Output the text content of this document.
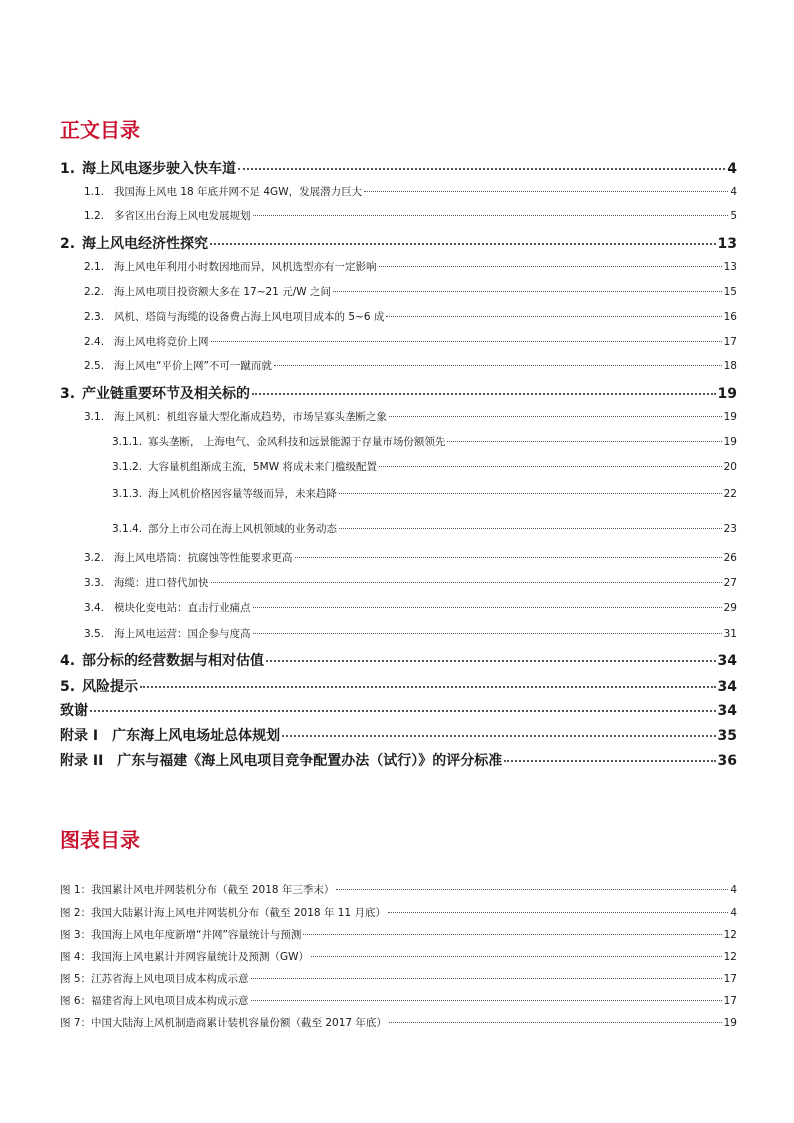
正文目录
1. 海上风电逐步驶入快车道	4
1.1. 我国海上风电 18 年底并网不足 4GW，发展潜力巨大	4
1.2. 多省区出台海上风电发展规划	5
2. 海上风电经济性探究	13
2.1. 海上风电年利用小时数因地而异，风机选型亦有一定影响	13
2.2. 海上风电项目投资额大多在 17~21 元/W 之间	15
2.3. 风机、塔筒与海缆的设备费占海上风电项目成本的 5~6 成	16
2.4. 海上风电将竞价上网	17
2.5. 海上风电“平价上网”不可一蹴而就	18
3. 产业链重要环节及相关标的	19
3.1. 海上风机：机组容量大型化渐成趋势，市场呈寡头垄断之象	19
3.1.1. 寡头垄断， 上海电气、金风科技和远景能源于存量市场份额领先	19
3.1.2. 大容量机组渐成主流，5MW 将成未来门槛级配置	20
3.1.3. 海上风机价格因容量等级而异，未来趋降	22
3.1.4. 部分上市公司在海上风机领域的业务动态	23
3.2. 海上风电塔筒：抗腐蚀等性能要求更高	26
3.3. 海缆：进口替代加快	27
3.4. 模块化变电站：直击行业痛点	29
3.5. 海上风电运营：国企参与度高	31
4. 部分标的经营数据与相对估值	34
5. 风险提示	34
致谢	34
附录 I　广东海上风电场址总体规划	35
附录 II　广东与福建《海上风电项目竞争配置办法（试行）》的评分标准	36
图表目录
图 1：我国累计风电并网装机分布（截至 2018 年三季末）	4
图 2：我国大陆累计海上风电并网装机分布（截至 2018 年 11 月底）	4
图 3：我国海上风电年度新增“并网”容量统计与预测	12
图 4：我国海上风电累计并网容量统计及预测（GW）	12
图 5：江苏省海上风电项目成本构成示意	17
图 6：福建省海上风电项目成本构成示意	17
图 7：中国大陆海上风机制造商累计装机容量份额（截至 2017 年底）	19
